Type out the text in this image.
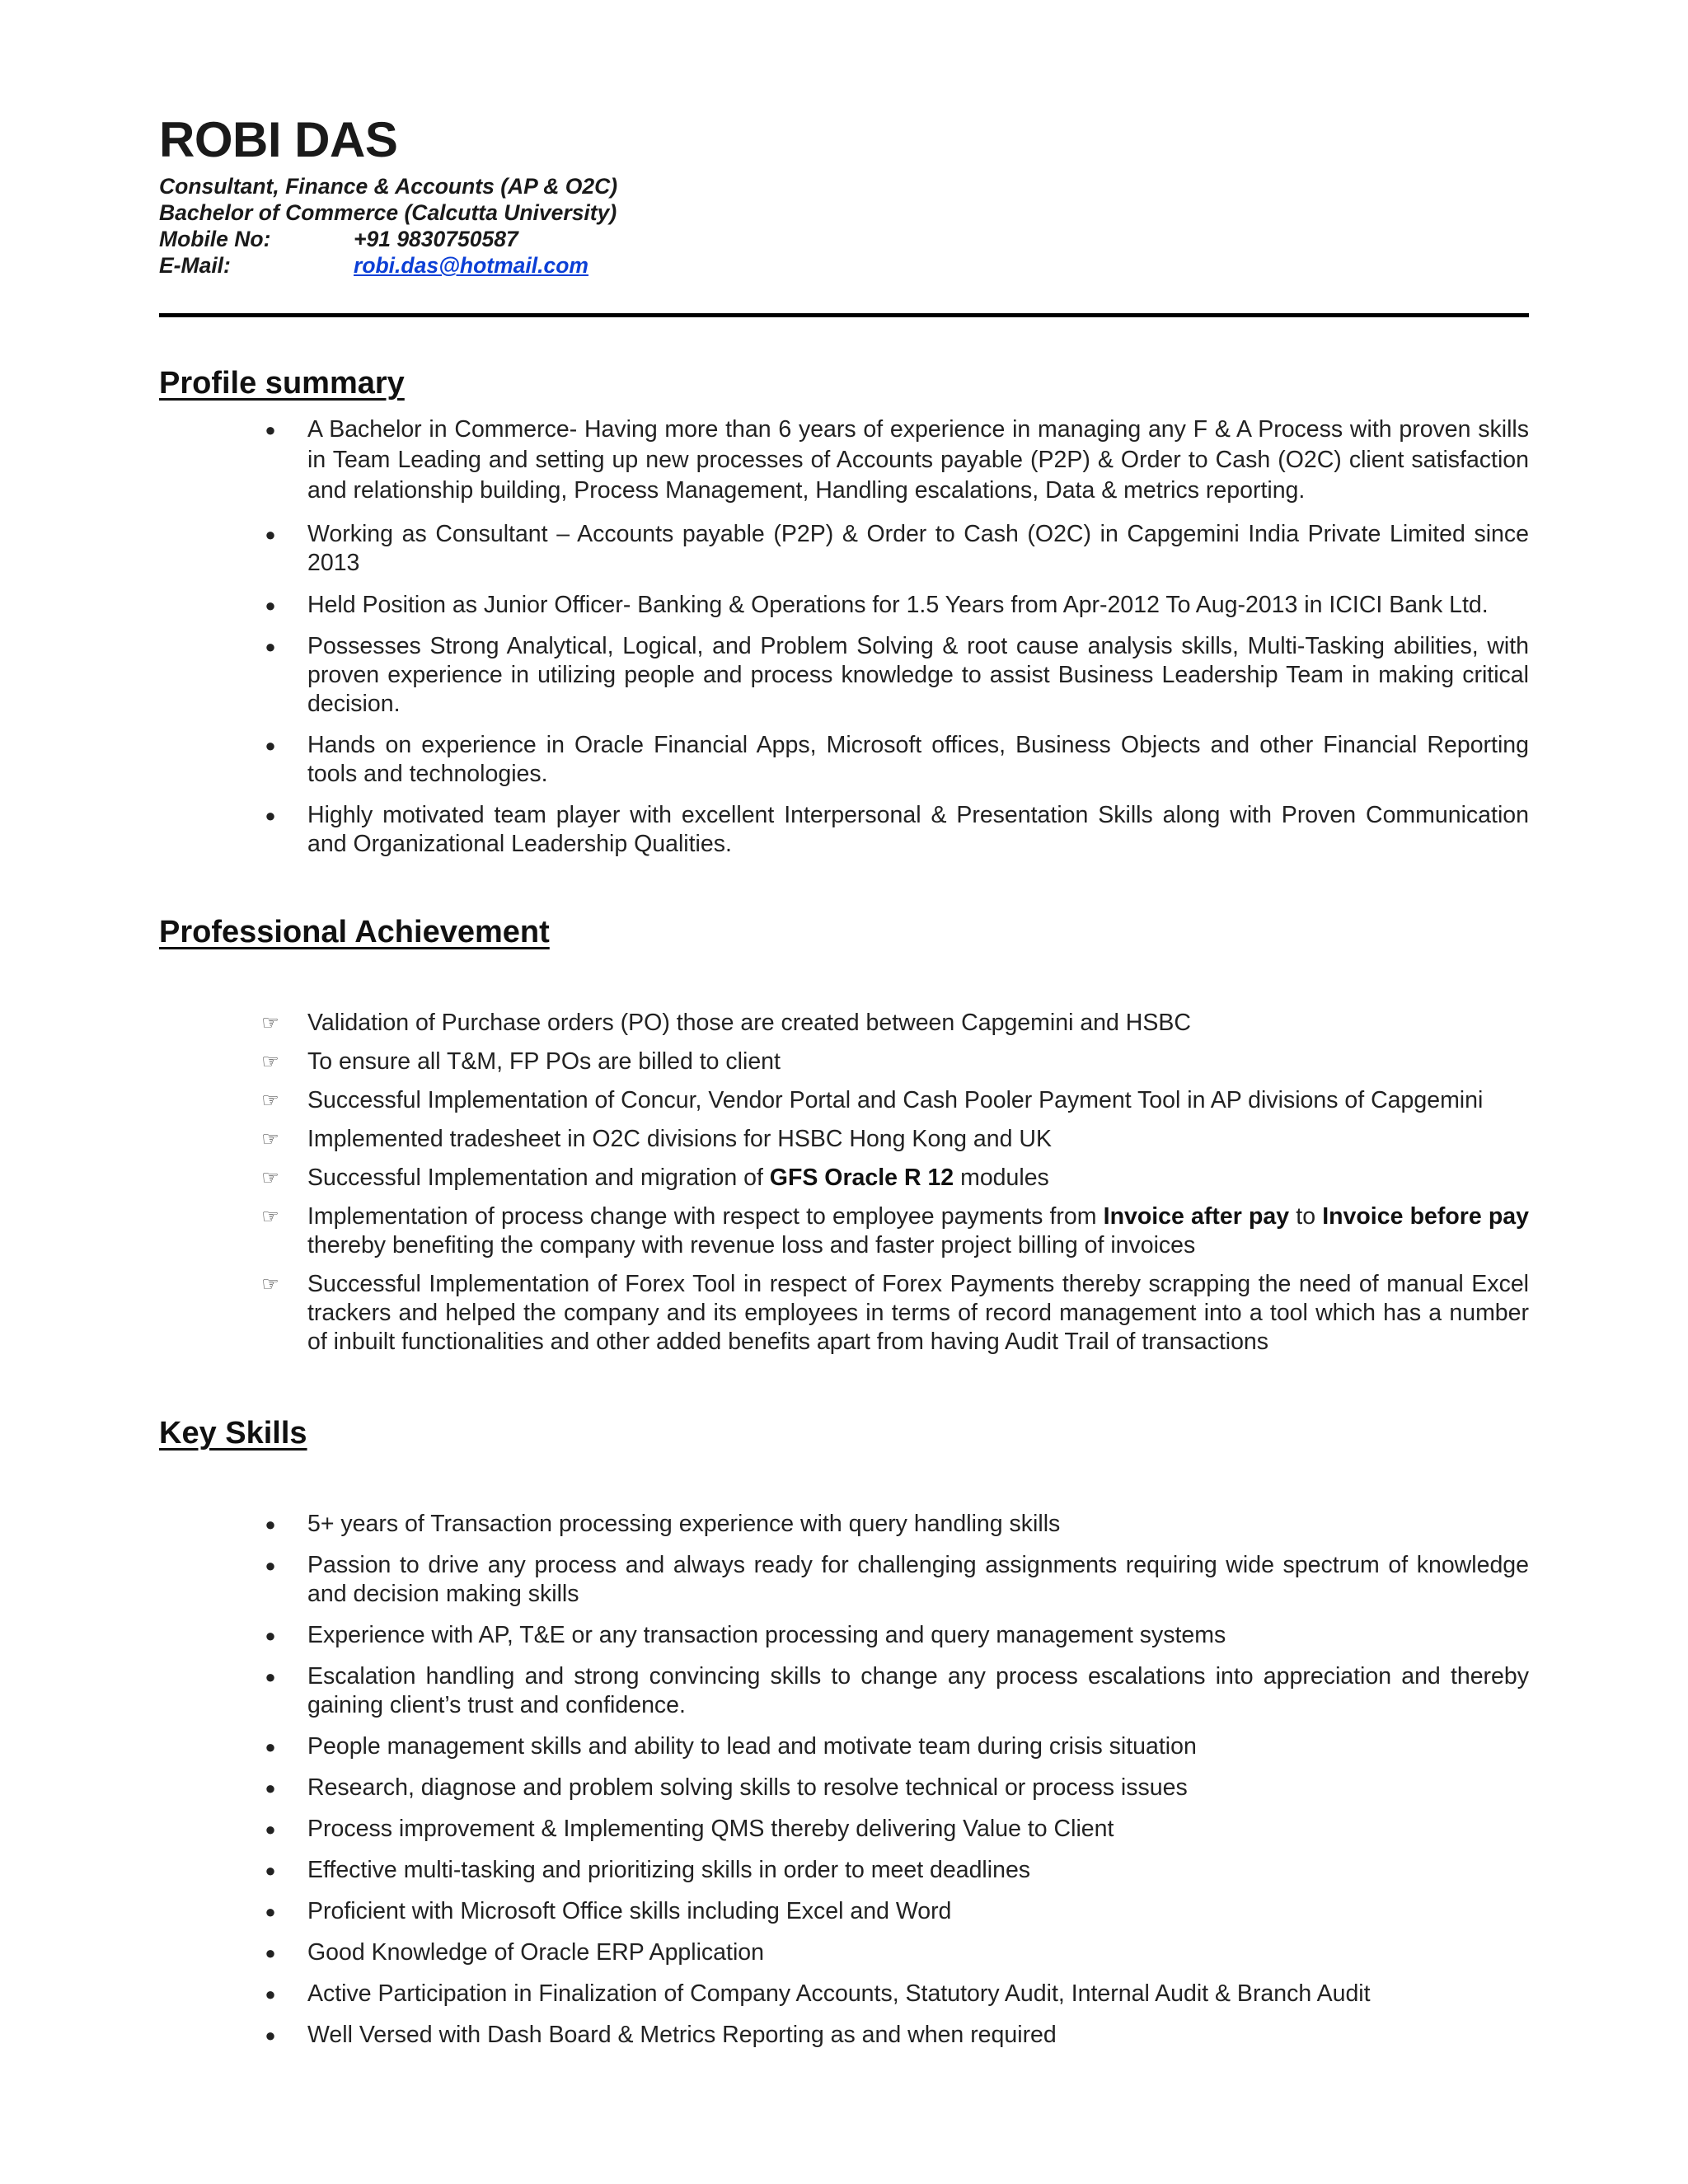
ROBI DAS
Consultant, Finance & Accounts (AP & O2C)
Bachelor of Commerce (Calcutta University)
Mobile No:	+91 9830750587
E-Mail:	robi.das@hotmail.com
Profile summary
● A Bachelor in Commerce- Having more than 6 years of experience in managing any F & A Process with proven skills in Team Leading and setting up new processes of Accounts payable (P2P) & Order to Cash (O2C) client satisfaction and relationship building, Process Management, Handling escalations, Data & metrics reporting.
● Working as Consultant – Accounts payable (P2P) & Order to Cash (O2C) in Capgemini India Private Limited since 2013
● Held Position as Junior Officer- Banking & Operations for 1.5 Years from Apr-2012 To Aug-2013 in ICICI Bank Ltd.
● Possesses Strong Analytical, Logical, and Problem Solving & root cause analysis skills, Multi-Tasking abilities, with proven experience in utilizing people and process knowledge to assist Business Leadership Team in making critical decision.
● Hands on experience in Oracle Financial Apps, Microsoft offices, Business Objects and other Financial Reporting tools and technologies.
● Highly motivated team player with excellent Interpersonal & Presentation Skills along with Proven Communication and Organizational Leadership Qualities.
Professional Achievement
☞ Validation of Purchase orders (PO) those are created between Capgemini and HSBC
☞ To ensure all T&M, FP POs are billed to client
☞ Successful Implementation of Concur, Vendor Portal and Cash Pooler Payment Tool in AP divisions of Capgemini
☞ Implemented tradesheet in O2C divisions for HSBC Hong Kong and UK
☞ Successful Implementation and migration of GFS Oracle R 12 modules
☞ Implementation of process change with respect to employee payments from Invoice after pay to Invoice before pay thereby benefiting the company with revenue loss and faster project billing of invoices
☞ Successful Implementation of Forex Tool in respect of Forex Payments thereby scrapping the need of manual Excel trackers and helped the company and its employees in terms of record management into a tool which has a number of inbuilt functionalities and other added benefits apart from having Audit Trail of transactions
Key Skills
● 5+ years of Transaction processing experience with query handling skills
● Passion to drive any process and always ready for challenging assignments requiring wide spectrum of knowledge and decision making skills
● Experience with AP, T&E or any transaction processing and query management systems
● Escalation handling and strong convincing skills to change any process escalations into appreciation and thereby gaining client’s trust and confidence.
● People management skills and ability to lead and motivate team during crisis situation
● Research, diagnose and problem solving skills to resolve technical or process issues
● Process improvement & Implementing QMS thereby delivering Value to Client
● Effective multi-tasking and prioritizing skills in order to meet deadlines
● Proficient with Microsoft Office skills including Excel and Word
● Good Knowledge of Oracle ERP Application
● Active Participation in Finalization of Company Accounts, Statutory Audit, Internal Audit & Branch Audit
● Well Versed with Dash Board & Metrics Reporting as and when required
